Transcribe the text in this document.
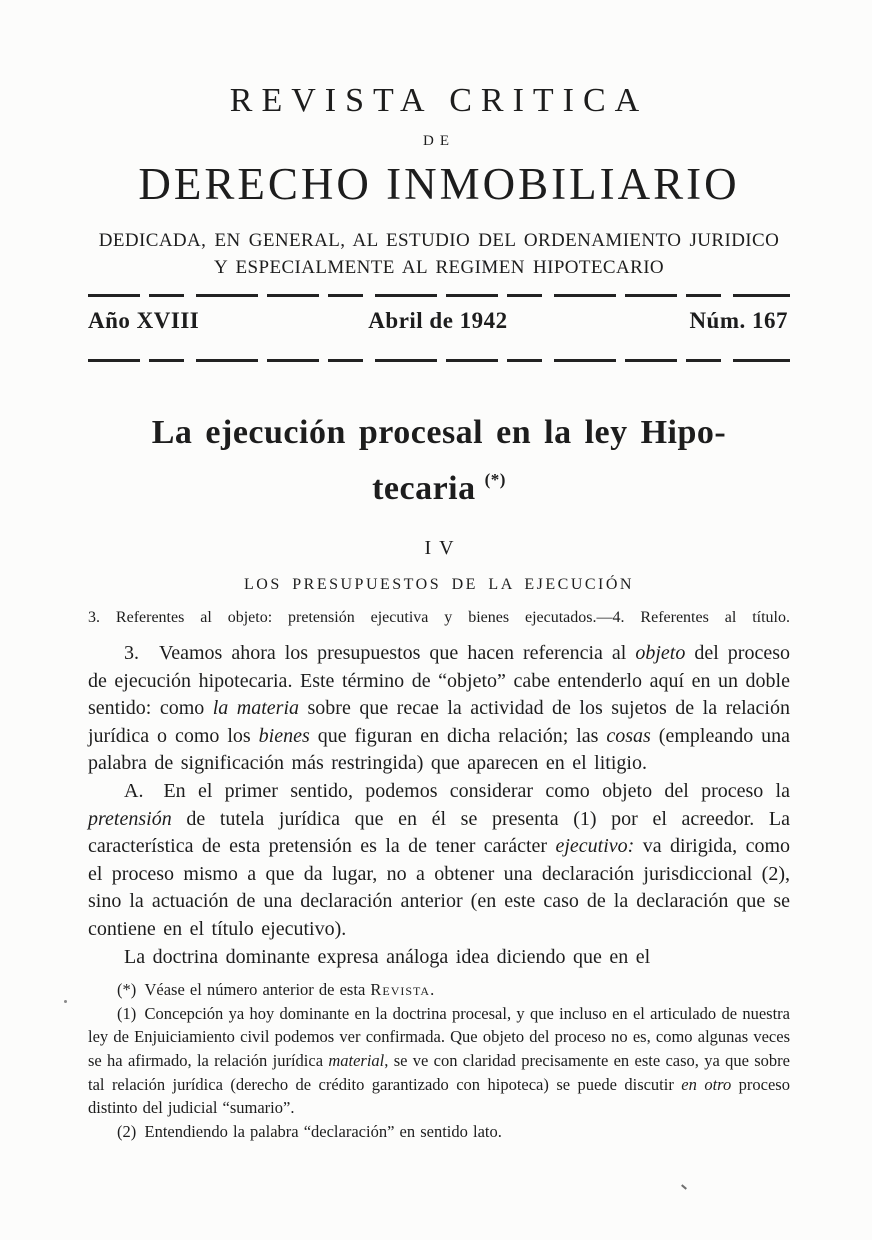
REVISTA CRITICA
DE
DERECHO INMOBILIARIO
DEDICADA, EN GENERAL, AL ESTUDIO DEL ORDENAMIENTO JURIDICO
Y ESPECIALMENTE AL REGIMEN HIPOTECARIO
Año XVIII	Abril de 1942	Núm. 167
La ejecución procesal en la ley Hipo-
tecaria (*)
IV
LOS PRESUPUESTOS DE LA EJECUCIÓN
3. Referentes al objeto: pretensión ejecutiva y bienes ejecutados.—4. Referentes al título.

3.  Veamos ahora los presupuestos que hacen referencia al objeto del proceso de ejecución hipotecaria. Este término de “objeto” cabe entenderlo aquí en un doble sentido: como la materia sobre que recae la actividad de los sujetos de la relación jurídica o como los bienes que figuran en dicha relación; las cosas (empleando una palabra de significación más restringida) que aparecen en el litigio.

A.  En el primer sentido, podemos considerar como objeto del proceso la pretensión de tutela jurídica que en él se presenta (1) por el acreedor. La característica de esta pretensión es la de tener carácter ejecutivo: va dirigida, como el proceso mismo a que da lugar, no a obtener una declaración jurisdiccional (2), sino la actuación de una declaración anterior (en este caso de la declaración que se contiene en el título ejecutivo).

La doctrina dominante expresa análoga idea diciendo que en el

(*) Véase el número anterior de esta Revista.

(1) Concepción ya hoy dominante en la doctrina procesal, y que incluso en el articulado de nuestra ley de Enjuiciamiento civil podemos ver confirmada. Que objeto del proceso no es, como algunas veces se ha afirmado, la relación jurídica material, se ve con claridad precisamente en este caso, ya que sobre tal relación jurídica (derecho de crédito garantizado con hipoteca) se puede discutir en otro proceso distinto del judicial “sumario”.

(2) Entendiendo la palabra “declaración” en sentido lato.
